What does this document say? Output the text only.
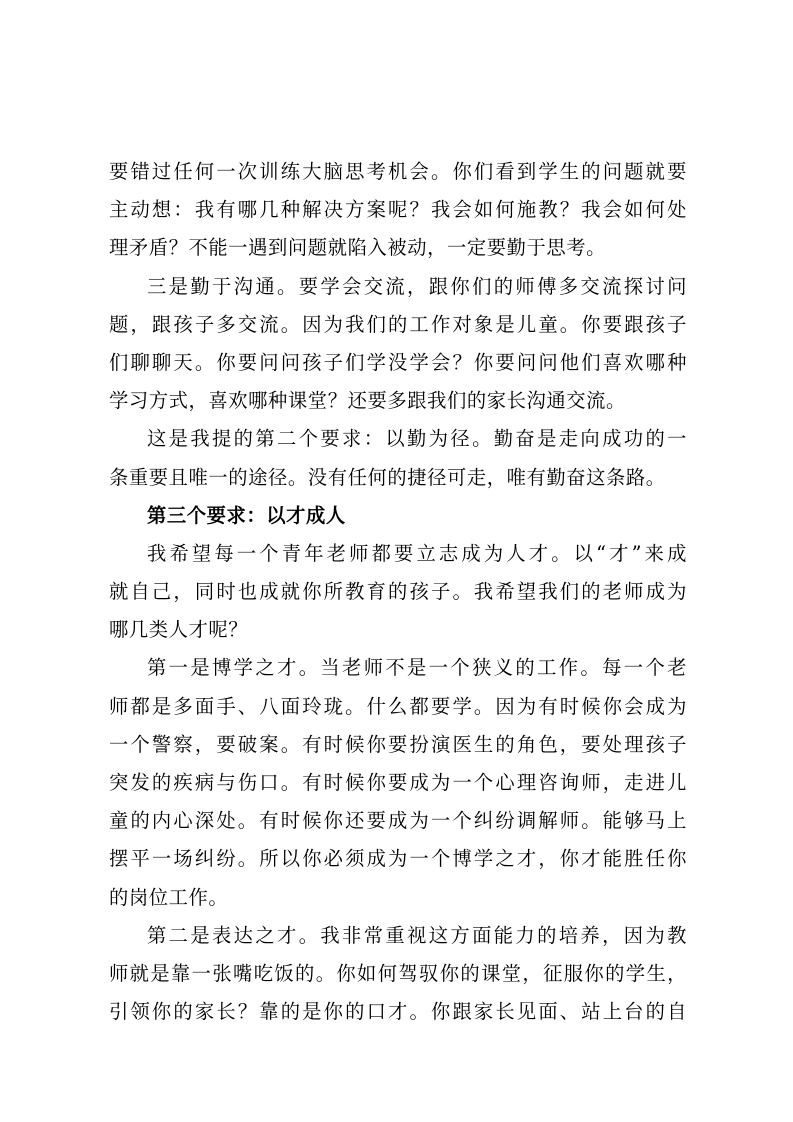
要错过任何一次训练大脑思考机会。你们看到学生的问题就要

主动想：我有哪几种解决方案呢？我会如何施教？我会如何处

理矛盾？不能一遇到问题就陷入被动，一定要勤于思考。

三是勤于沟通。要学会交流，跟你们的师傅多交流探讨问

题，跟孩子多交流。因为我们的工作对象是儿童。你要跟孩子

们聊聊天。你要问问孩子们学没学会？你要问问他们喜欢哪种

学习方式，喜欢哪种课堂？还要多跟我们的家长沟通交流。

这是我提的第二个要求：以勤为径。勤奋是走向成功的一

条重要且唯一的途径。没有任何的捷径可走，唯有勤奋这条路。

第三个要求：以才成人

我希望每一个青年老师都要立志成为人才。以“才”来成

就自己，同时也成就你所教育的孩子。我希望我们的老师成为

哪几类人才呢？

第一是博学之才。当老师不是一个狭义的工作。每一个老

师都是多面手、八面玲珑。什么都要学。因为有时候你会成为

一个警察，要破案。有时候你要扮演医生的角色，要处理孩子

突发的疾病与伤口。有时候你要成为一个心理咨询师，走进儿

童的内心深处。有时候你还要成为一个纠纷调解师。能够马上

摆平一场纠纷。所以你必须成为一个博学之才，你才能胜任你

的岗位工作。

第二是表达之才。我非常重视这方面能力的培养，因为教

师就是靠一张嘴吃饭的。你如何驾驭你的课堂，征服你的学生，

引领你的家长？靠的是你的口才。你跟家长见面、站上台的自
